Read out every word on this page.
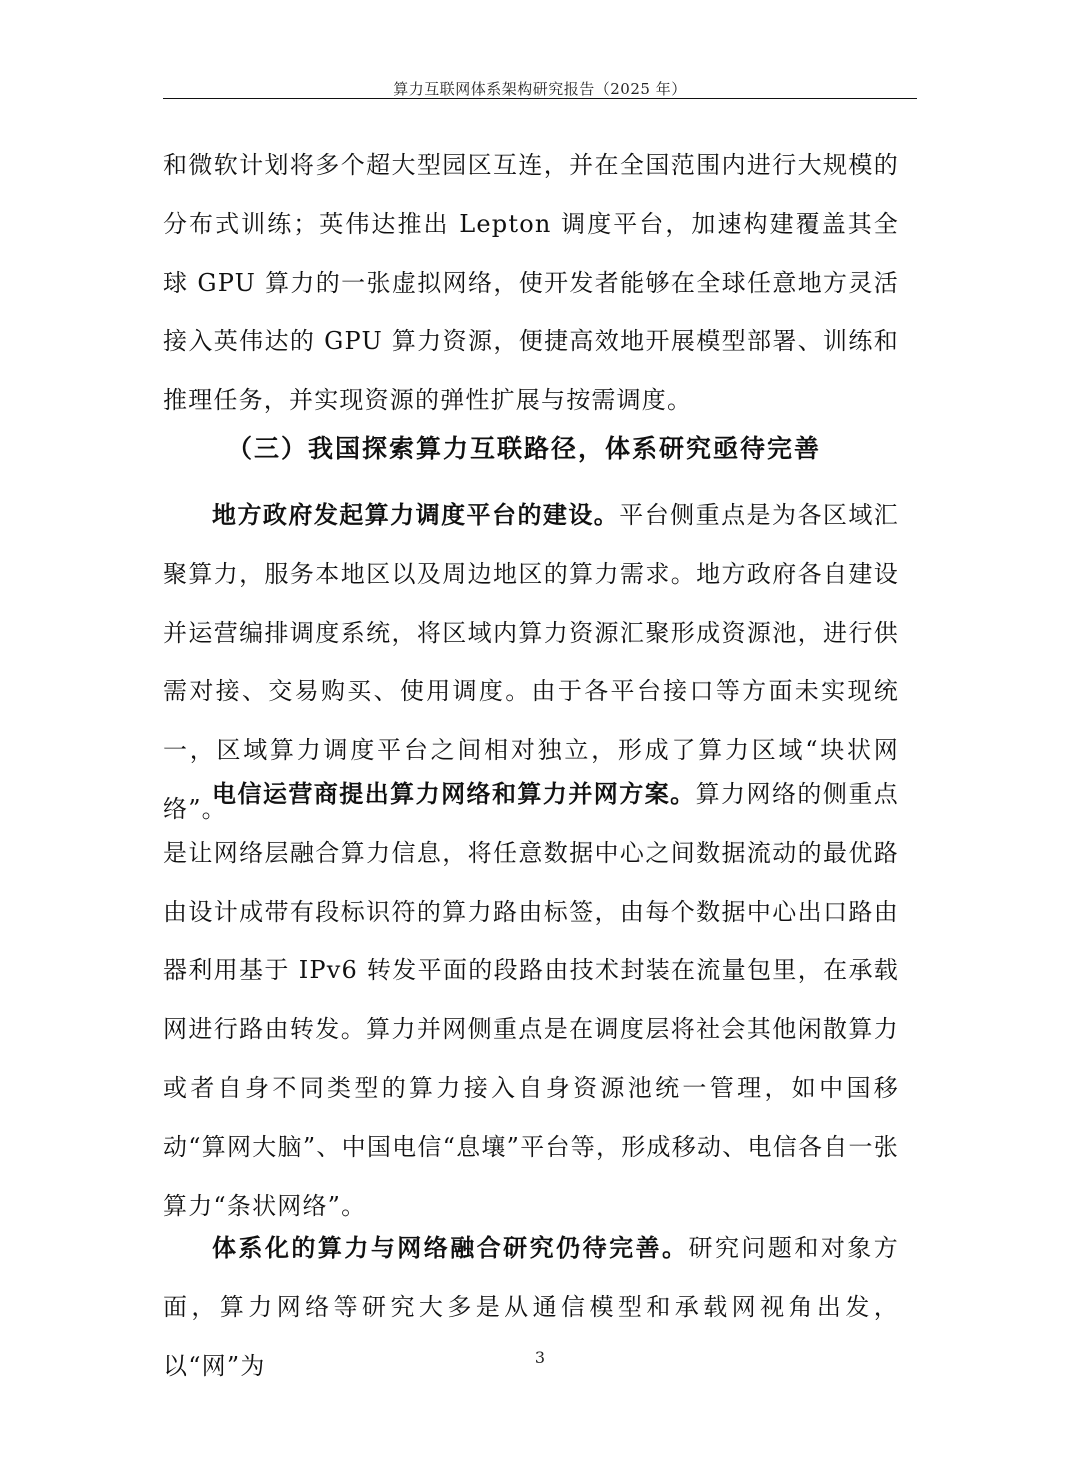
算力互联网体系架构研究报告（2025 年）

和微软计划将多个超大型园区互连，并在全国范围内进行大规模的分布式训练；英伟达推出 Lepton 调度平台，加速构建覆盖其全球 GPU 算力的一张虚拟网络，使开发者能够在全球任意地方灵活接入英伟达的 GPU 算力资源，便捷高效地开展模型部署、训练和推理任务，并实现资源的弹性扩展与按需调度。

（三）我国探索算力互联路径，体系研究亟待完善

地方政府发起算力调度平台的建设。平台侧重点是为各区域汇聚算力，服务本地区以及周边地区的算力需求。地方政府各自建设并运营编排调度系统，将区域内算力资源汇聚形成资源池，进行供需对接、交易购买、使用调度。由于各平台接口等方面未实现统一，区域算力调度平台之间相对独立，形成了算力区域“块状网络”。

电信运营商提出算力网络和算力并网方案。算力网络的侧重点是让网络层融合算力信息，将任意数据中心之间数据流动的最优路由设计成带有段标识符的算力路由标签，由每个数据中心出口路由器利用基于 IPv6 转发平面的段路由技术封装在流量包里，在承载网进行路由转发。算力并网侧重点是在调度层将社会其他闲散算力或者自身不同类型的算力接入自身资源池统一管理，如中国移动“算网大脑”、中国电信“息壤”平台等，形成移动、电信各自一张算力“条状网络”。

体系化的算力与网络融合研究仍待完善。研究问题和对象方面，算力网络等研究大多是从通信模型和承载网视角出发，以“网”为	3
